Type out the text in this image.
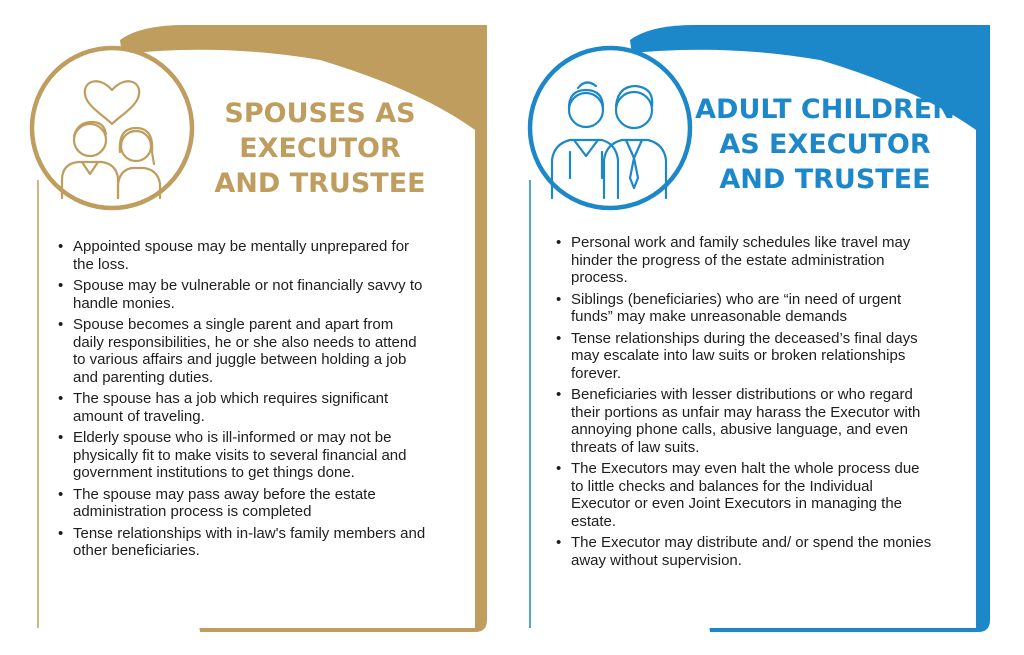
SPOUSES AS
EXECUTOR
AND TRUSTEE
• Appointed spouse may be mentally unprepared for the loss.
• Spouse may be vulnerable or not financially savvy to handle monies.
• Spouse becomes a single parent and apart from daily responsibilities, he or she also needs to attend to various affairs and juggle between holding a job and parenting duties.
• The spouse has a job which requires significant amount of traveling.
• Elderly spouse who is ill-informed or may not be physically fit to make visits to several financial and government institutions to get things done.
• The spouse may pass away before the estate administration process is completed
• Tense relationships with in-law's family members and other beneficiaries.
ADULT CHILDREN
AS EXECUTOR
AND TRUSTEE
• Personal work and family schedules like travel may hinder the progress of the estate administration process.
• Siblings (beneficiaries) who are “in need of urgent funds” may make unreasonable demands
• Tense relationships during the deceased’s final days may escalate into law suits or broken relationships forever.
• Beneficiaries with lesser distributions or who regard their portions as unfair may harass the Executor with annoying phone calls, abusive language, and even threats of law suits.
• The Executors may even halt the whole process due to little checks and balances for the Individual Executor or even Joint Executors in managing the estate.
• The Executor may distribute and/ or spend the monies away without supervision.
